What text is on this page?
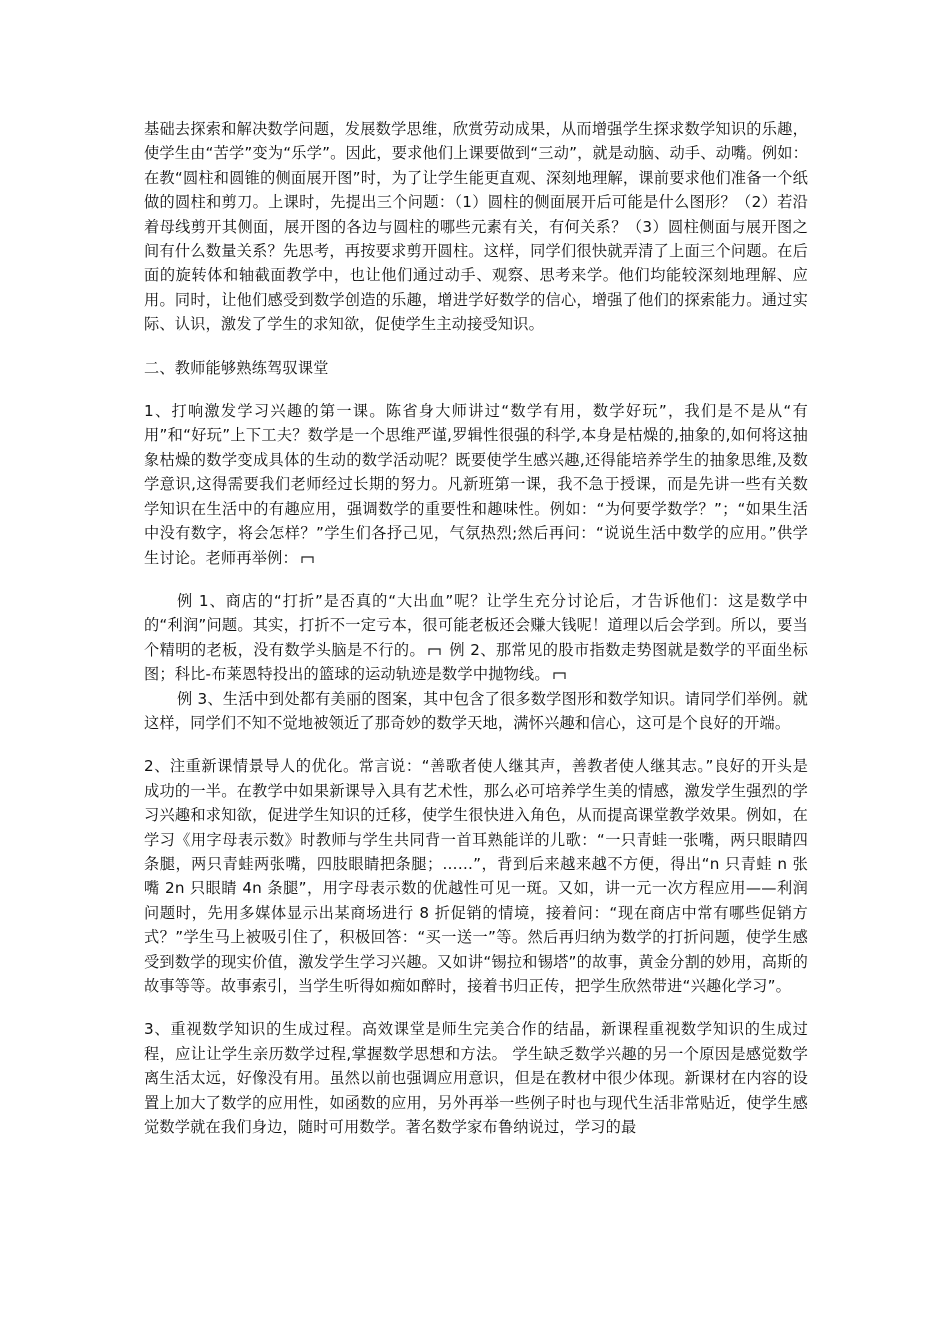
基础去探索和解决数学问题，发展数学思维，欣赏劳动成果，从而增强学生探求数学知识的乐趣，使学生由“苦学”变为“乐学”。因此，要求他们上课要做到“三动”，就是动脑、动手、动嘴。例如：在教“圆柱和圆锥的侧面展开图”时，为了让学生能更直观、深刻地理解，课前要求他们准备一个纸做的圆柱和剪刀。上课时，先提出三个问题：（1）圆柱的侧面展开后可能是什么图形？（2）若沿着母线剪开其侧面，展开图的各边与圆柱的哪些元素有关，有何关系？（3）圆柱侧面与展开图之间有什么数量关系？先思考，再按要求剪开圆柱。这样，同学们很快就弄清了上面三个问题。在后面的旋转体和轴截面教学中，也让他们通过动手、观察、思考来学。他们均能较深刻地理解、应用。同时，让他们感受到数学创造的乐趣，增进学好数学的信心，增强了他们的探索能力。通过实际、认识，激发了学生的求知欲，促使学生主动接受知识。

二、教师能够熟练驾驭课堂

1、打响激发学习兴趣的第一课。陈省身大师讲过“数学有用，数学好玩”，我们是不是从“有用”和“好玩”上下工夫？数学是一个思维严谨,罗辑性很强的科学,本身是枯燥的,抽象的,如何将这抽象枯燥的数学变成具体的生动的数学活动呢？既要使学生感兴趣,还得能培养学生的抽象思维,及数学意识,这得需要我们老师经过长期的努力。凡新班第一课，我不急于授课，而是先讲一些有关数学知识在生活中的有趣应用，强调数学的重要性和趣味性。例如：“为何要学数学？”；“如果生活中没有数字，将会怎样？”学生们各抒己见，气氛热烈;然后再问：“说说生活中数学的应用。”供学生讨论。老师再举例：

例 1、商店的“打折”是否真的“大出血”呢？让学生充分讨论后，才告诉他们：这是数学中的“利润”问题。其实，打折不一定亏本，很可能老板还会赚大钱呢！道理以后会学到。所以，要当个精明的老板，没有数学头脑是不行的。 例 2、那常见的股市指数走势图就是数学的平面坐标图；科比-布莱恩特投出的篮球的运动轨迹是数学中抛物线。

例 3、生活中到处都有美丽的图案，其中包含了很多数学图形和数学知识。请同学们举例。就这样，同学们不知不觉地被领近了那奇妙的数学天地，满怀兴趣和信心，这可是个良好的开端。

2、注重新课情景导人的优化。常言说：“善歌者使人继其声，善教者使人继其志。”良好的开头是成功的一半。在教学中如果新课导入具有艺术性，那么必可培养学生美的情感，激发学生强烈的学习兴趣和求知欲，促进学生知识的迁移，使学生很快进入角色，从而提高课堂教学效果。例如，在学习《用字母表示数》时教师与学生共同背一首耳熟能详的儿歌：“一只青蛙一张嘴，两只眼睛四条腿，两只青蛙两张嘴，四肢眼睛把条腿；……”，背到后来越来越不方便，得出“n 只青蛙 n 张嘴 2n 只眼睛 4n 条腿”，用字母表示数的优越性可见一斑。又如，讲一元一次方程应用——利润问题时，先用多媒体显示出某商场进行 8 折促销的情境，接着问：“现在商店中常有哪些促销方式？”学生马上被吸引住了，积极回答：“买一送一”等。然后再归纳为数学的打折问题，使学生感受到数学的现实价值，激发学生学习兴趣。又如讲“锡拉和锡塔”的故事，黄金分割的妙用，高斯的故事等等。故事索引，当学生听得如痴如醉时，接着书归正传，把学生欣然带进“兴趣化学习”。

3、重视数学知识的生成过程。高效课堂是师生完美合作的结晶，新课程重视数学知识的生成过程，应让让学生亲历数学过程,掌握数学思想和方法。 学生缺乏数学兴趣的另一个原因是感觉数学离生活太远，好像没有用。虽然以前也强调应用意识，但是在教材中很少体现。新课材在内容的设置上加大了数学的应用性，如函数的应用，另外再举一些例子时也与现代生活非常贴近，使学生感觉数学就在我们身边，随时可用数学。著名数学家布鲁纳说过，学习的最
